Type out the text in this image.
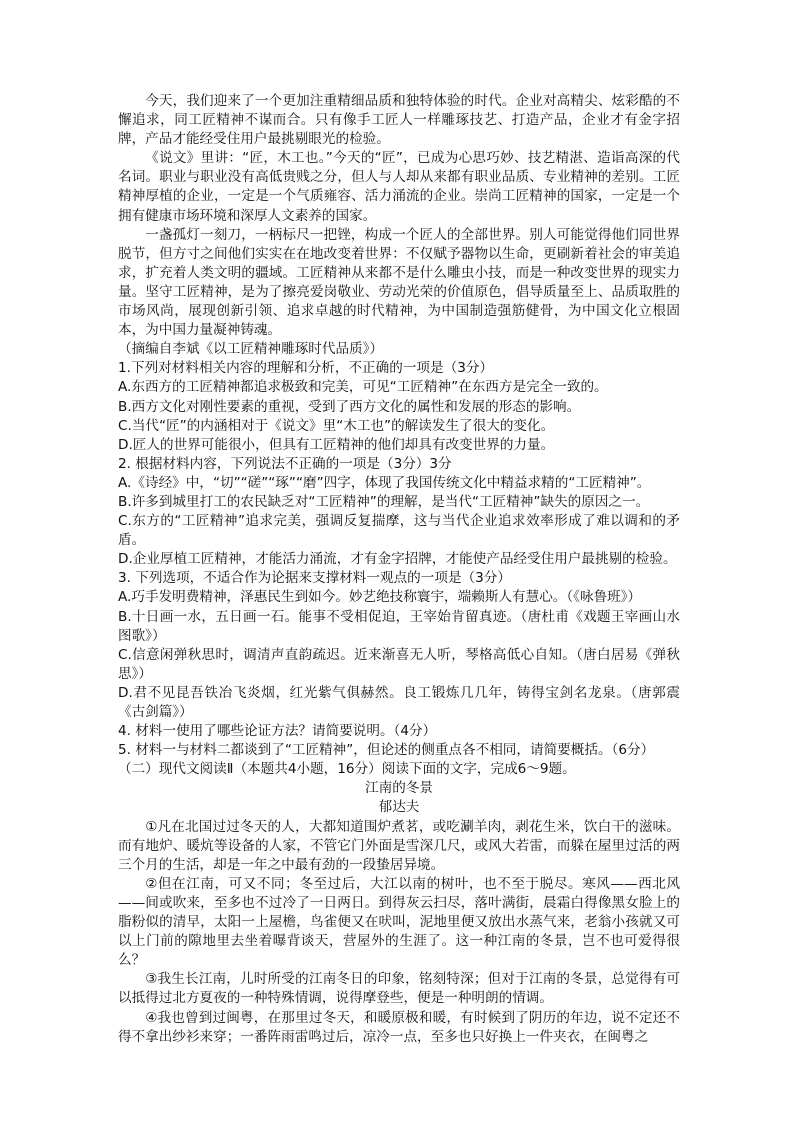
今天，我们迎来了一个更加注重精细品质和独特体验的时代。企业对高精尖、炫彩酷的不懈追求，同工匠精神不谋而合。只有像手工匠人一样雕琢技艺、打造产品，企业才有金字招牌，产品才能经受住用户最挑剔眼光的检验。

《说文》里讲：“匠，木工也。”今天的“匠”，已成为心思巧妙、技艺精湛、造诣高深的代名词。职业与职业没有高低贵贱之分，但人与人却从来都有职业品质、专业精神的差别。工匠精神厚植的企业，一定是一个气质雍容、活力涌流的企业。崇尚工匠精神的国家，一定是一个拥有健康市场环境和深厚人文素养的国家。

一盏孤灯一刻刀，一柄标尺一把锉，构成一个匠人的全部世界。别人可能觉得他们同世界脱节，但方寸之间他们实实在在地改变着世界：不仅赋予器物以生命，更刷新着社会的审美追求，扩充着人类文明的疆域。工匠精神从来都不是什么雕虫小技，而是一种改变世界的现实力量。坚守工匠精神，是为了擦亮爱岗敬业、劳动光荣的价值原色，倡导质量至上、品质取胜的市场风尚，展现创新引领、追求卓越的时代精神，为中国制造强筋健骨，为中国文化立根固本，为中国力量凝神铸魂。

（摘编自李斌《以工匠精神雕琢时代品质》）

1.下列对材料相关内容的理解和分析，不正确的一项是（3分）

A.东西方的工匠精神都追求极致和完美，可见“工匠精神”在东西方是完全一致的。

B.西方文化对刚性要素的重视，受到了西方文化的属性和发展的形态的影响。

C.当代“匠”的内涵相对于《说文》里“木工也”的解读发生了很大的变化。

D.匠人的世界可能很小，但具有工匠精神的他们却具有改变世界的力量。

2. 根据材料内容，下列说法不正确的一项是（3分）3分

A.《诗经》中，“切”“磋”“琢”“磨”四字，体现了我国传统文化中精益求精的“工匠精神”。

B.许多到城里打工的农民缺乏对“工匠精神”的理解，是当代“工匠精神”缺失的原因之一。

C.东方的“工匠精神”追求完美，强调反复揣摩，这与当代企业追求效率形成了难以调和的矛盾。

D.企业厚植工匠精神，才能活力涌流，才有金字招牌，才能使产品经受住用户最挑剔的检验。

3. 下列选项，不适合作为论据来支撑材料一观点的一项是（3分）

A.巧手发明费精神，泽惠民生到如今。妙艺绝技称寰宇，端赖斯人有慧心。（《咏鲁班》）

B.十日画一水，五日画一石。能事不受相促迫，王宰始肯留真迹。（唐杜甫《戏题王宰画山水图歌》）

C.信意闲弹秋思时，调清声直韵疏迟。近来渐喜无人听，琴格高低心自知。（唐白居易《弹秋思》）

D.君不见昆吾铁冶飞炎烟，红光紫气俱赫然。良工锻炼几几年，铸得宝剑名龙泉。（唐郭震《古剑篇》）

4. 材料一使用了哪些论证方法？请简要说明。（4分）

5. 材料一与材料二都谈到了“工匠精神”，但论述的侧重点各不相同，请简要概括。（6分）

（二）现代文阅读Ⅱ（本题共4小题，16分）阅读下面的文字，完成6～9题。

江南的冬景

郁达夫

①凡在北国过过冬天的人，大都知道围炉煮茗，或吃涮羊肉，剥花生米，饮白干的滋味。而有地炉、暖炕等设备的人家，不管它门外面是雪深几尺，或风大若雷，而躲在屋里过活的两三个月的生活，却是一年之中最有劲的一段蛰居异境。

②但在江南，可又不同；冬至过后，大江以南的树叶，也不至于脱尽。寒风——西北风——间或吹来，至多也不过冷了一日两日。到得灰云扫尽，落叶满街，晨霜白得像黑女脸上的脂粉似的清早，太阳一上屋檐，鸟雀便又在吠叫，泥地里便又放出水蒸气来，老翁小孩就又可以上门前的隙地里去坐着曝背谈天，营屋外的生涯了。这一种江南的冬景，岂不也可爱得很么？

③我生长江南，儿时所受的江南冬日的印象，铭刻特深；但对于江南的冬景，总觉得有可以抵得过北方夏夜的一种特殊情调，说得摩登些，便是一种明朗的情调。

④我也曾到过闽粤，在那里过冬天，和暖原极和暖，有时候到了阴历的年边，说不定还不得不拿出纱衫来穿；一番阵雨雷鸣过后，凉冷一点，至多也只好换上一件夹衣，在闽粤之
